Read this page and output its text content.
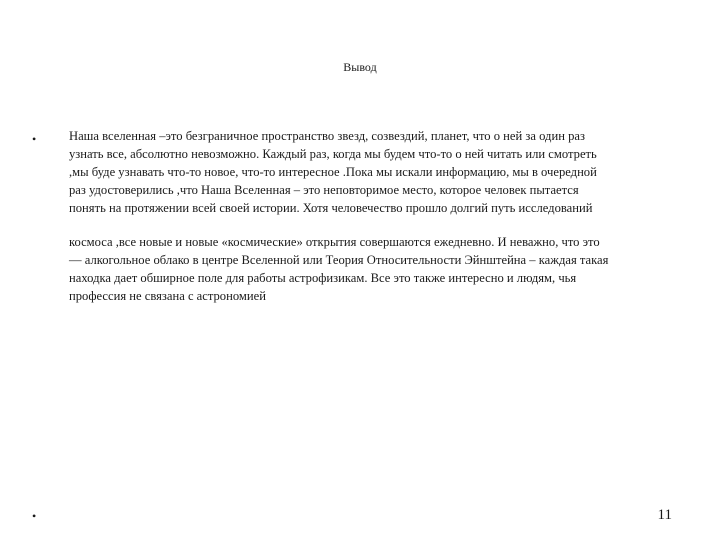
Вывод
•	Наша вселенная –это безграничное пространство звезд, созвездий, планет, что о ней за один раз
узнать все, абсолютно невозможно. Каждый раз, когда мы будем что-то о ней читать или смотреть
,мы буде узнавать что-то новое, что-то интересное .Пока мы искали информацию, мы в очередной
раз удостоверились ,что Наша Вселенная – это неповторимое место, которое человек пытается
понять на протяжении всей своей истории. Хотя человечество прошло долгий путь исследований

космоса ,все новые и новые «космические» открытия совершаются ежедневно. И неважно, что это
— алкогольное облако в центре Вселенной или Теория Относительности Эйнштейна – каждая такая
находка дает обширное поле для работы астрофизикам. Все это также интересно и людям, чья
профессия не связана с астрономией

•	11
